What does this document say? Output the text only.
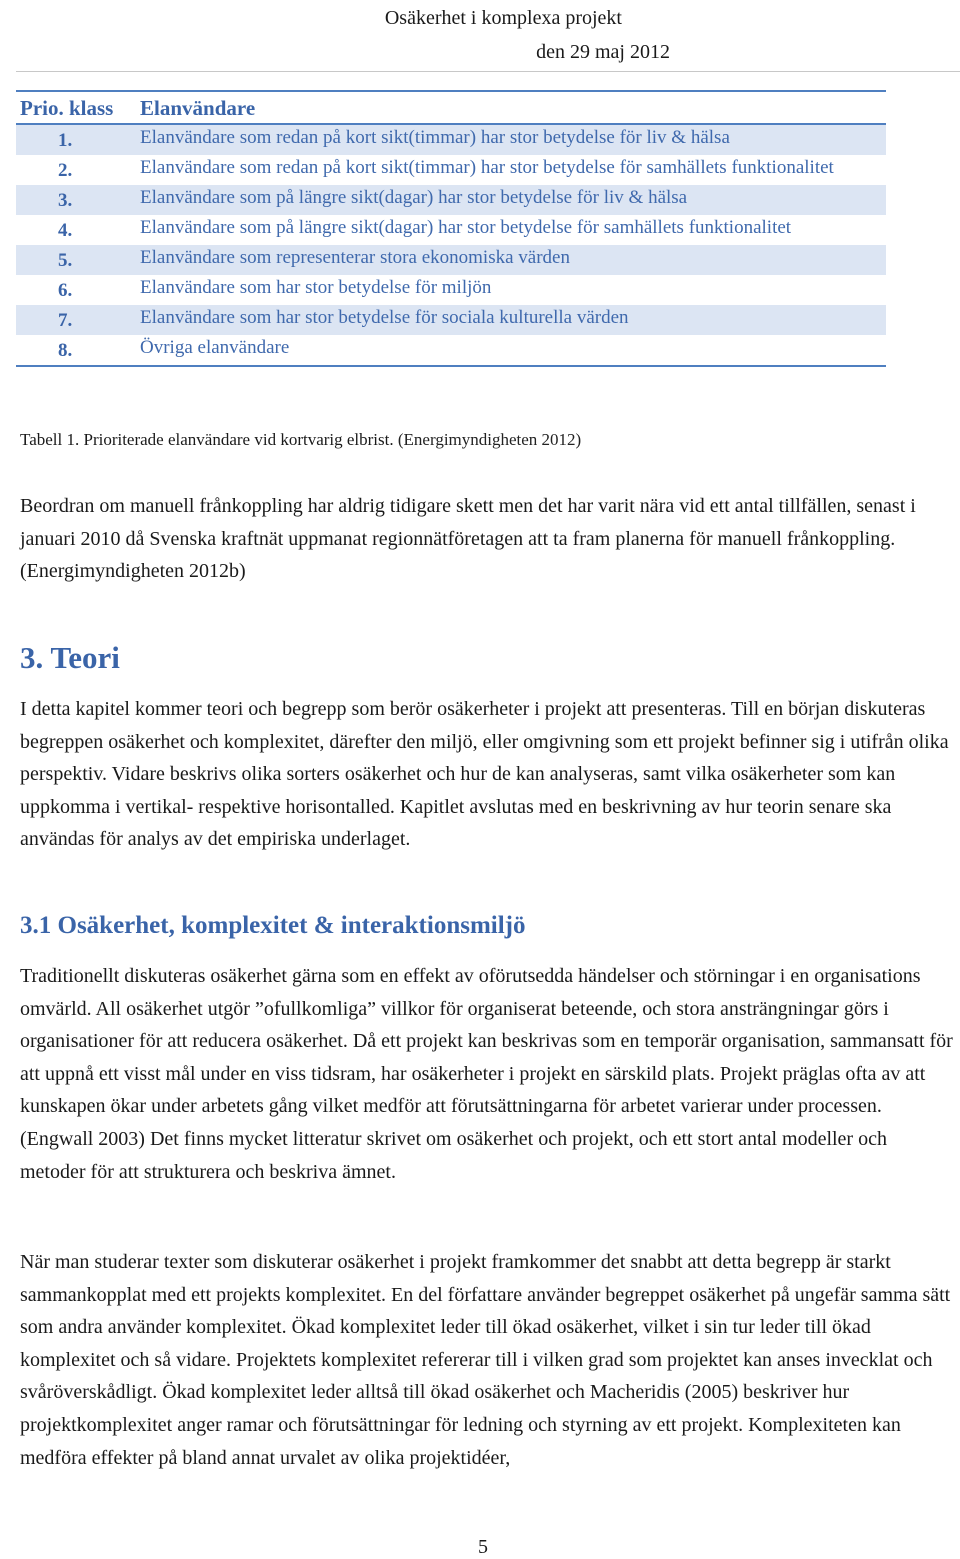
Osäkerhet i komplexa projekt
den 29 maj 2012
Prio. klass	Elanvändare
1.	Elanvändare som redan på kort sikt(timmar) har stor betydelse för liv & hälsa
2.	Elanvändare som redan på kort sikt(timmar) har stor betydelse för samhällets funktionalitet
3.	Elanvändare som på längre sikt(dagar) har stor betydelse för liv & hälsa
4.	Elanvändare som på längre sikt(dagar) har stor betydelse för samhällets funktionalitet
5.	Elanvändare som representerar stora ekonomiska värden
6.	Elanvändare som har stor betydelse för miljön
7.	Elanvändare som har stor betydelse för sociala kulturella värden
8.	Övriga elanvändare
Tabell 1. Prioriterade elanvändare vid kortvarig elbrist. (Energimyndigheten 2012)

Beordran om manuell frånkoppling har aldrig tidigare skett men det har varit nära vid ett antal tillfällen, senast i januari 2010 då Svenska kraftnät uppmanat regionnätföretagen att ta fram planerna för manuell frånkoppling. (Energimyndigheten 2012b)

3. Teori

I detta kapitel kommer teori och begrepp som berör osäkerheter i projekt att presenteras. Till en början diskuteras begreppen osäkerhet och komplexitet, därefter den miljö, eller omgivning som ett projekt befinner sig i utifrån olika perspektiv. Vidare beskrivs olika sorters osäkerhet och hur de kan analyseras, samt vilka osäkerheter som kan uppkomma i vertikal- respektive horisontalled. Kapitlet avslutas med en beskrivning av hur teorin senare ska användas för analys av det empiriska underlaget.

3.1 Osäkerhet, komplexitet & interaktionsmiljö

Traditionellt diskuteras osäkerhet gärna som en effekt av oförutsedda händelser och störningar i en organisations omvärld. All osäkerhet utgör ”ofullkomliga” villkor för organiserat beteende, och stora ansträngningar görs i organisationer för att reducera osäkerhet. Då ett projekt kan beskrivas som en temporär organisation, sammansatt för att uppnå ett visst mål under en viss tidsram, har osäkerheter i projekt en särskild plats. Projekt präglas ofta av att kunskapen ökar under arbetets gång vilket medför att förutsättningarna för arbetet varierar under processen. (Engwall 2003) Det finns mycket litteratur skrivet om osäkerhet och projekt, och ett stort antal modeller och metoder för att strukturera och beskriva ämnet.

När man studerar texter som diskuterar osäkerhet i projekt framkommer det snabbt att detta begrepp är starkt sammankopplat med ett projekts komplexitet. En del författare använder begreppet osäkerhet på ungefär samma sätt som andra använder komplexitet. Ökad komplexitet leder till ökad osäkerhet, vilket i sin tur leder till ökad komplexitet och så vidare. Projektets komplexitet refererar till i vilken grad som projektet kan anses invecklat och svåröverskådligt. Ökad komplexitet leder alltså till ökad osäkerhet och Macheridis (2005) beskriver hur projektkomplexitet anger ramar och förutsättningar för ledning och styrning av ett projekt. Komplexiteten kan medföra effekter på bland annat urvalet av olika projektidéer,

5
